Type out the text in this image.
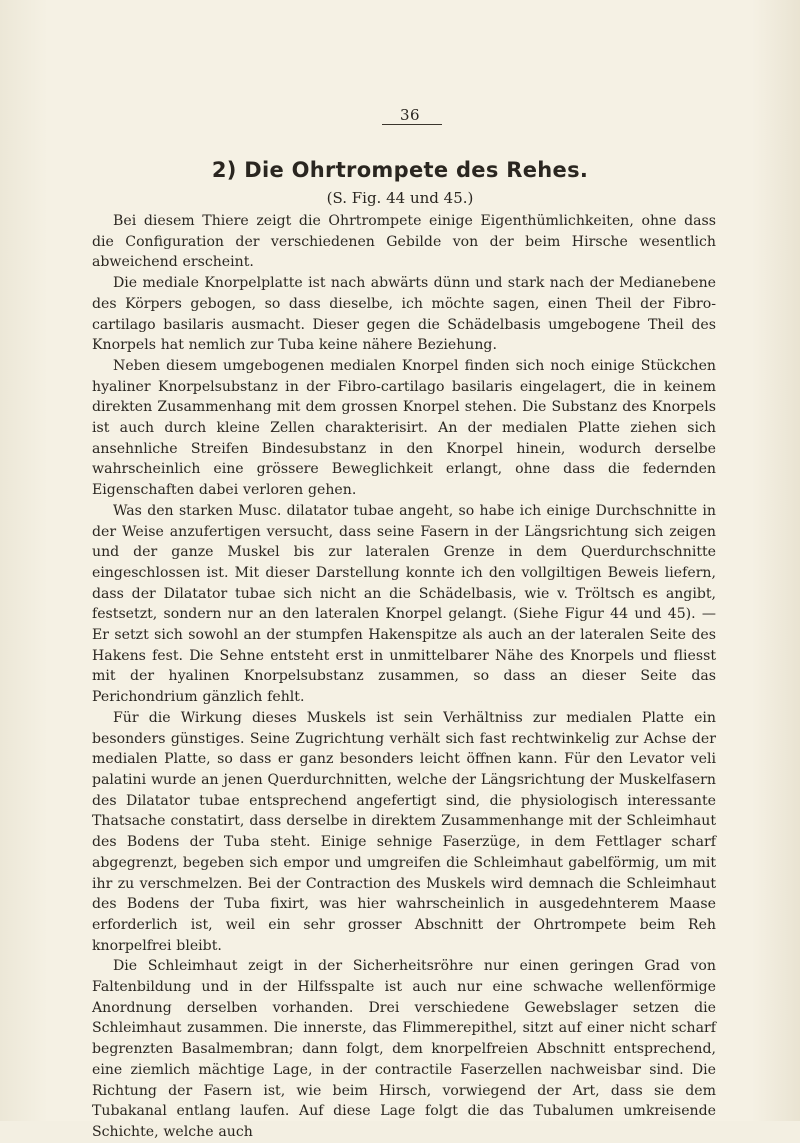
36
2) Die Ohrtrompete des Rehes.
(S. Fig. 44 und 45.)

Bei diesem Thiere zeigt die Ohrtrompete einige Eigenthümlichkeiten, ohne dass die Configuration der verschiedenen Gebilde von der beim Hirsche wesentlich abweichend erscheint.

Die mediale Knorpelplatte ist nach abwärts dünn und stark nach der Medianebene des Körpers gebogen, so dass dieselbe, ich möchte sagen, einen Theil der Fibro-cartilago basilaris ausmacht. Dieser gegen die Schädelbasis umgebogene Theil des Knorpels hat nemlich zur Tuba keine nähere Beziehung.

Neben diesem umgebogenen medialen Knorpel finden sich noch einige Stückchen hyaliner Knorpelsubstanz in der Fibro-cartilago basilaris eingelagert, die in keinem direkten Zusammenhang mit dem grossen Knorpel stehen. Die Substanz des Knorpels ist auch durch kleine Zellen charakterisirt. An der medialen Platte ziehen sich ansehnliche Streifen Bindesubstanz in den Knorpel hinein, wodurch derselbe wahrscheinlich eine grössere Beweglichkeit erlangt, ohne dass die federnden Eigenschaften dabei verloren gehen.

Was den starken Musc. dilatator tubae angeht, so habe ich einige Durchschnitte in der Weise anzufertigen versucht, dass seine Fasern in der Längsrichtung sich zeigen und der ganze Muskel bis zur lateralen Grenze in dem Querdurchschnitte eingeschlossen ist. Mit dieser Darstellung konnte ich den vollgiltigen Beweis liefern, dass der Dilatator tubae sich nicht an die Schädelbasis, wie v. Tröltsch es angibt, festsetzt, sondern nur an den lateralen Knorpel gelangt. (Siehe Figur 44 und 45). — Er setzt sich sowohl an der stumpfen Hakenspitze als auch an der lateralen Seite des Hakens fest. Die Sehne entsteht erst in unmittelbarer Nähe des Knorpels und fliesst mit der hyalinen Knorpelsubstanz zusammen, so dass an dieser Seite das Perichondrium gänzlich fehlt.

Für die Wirkung dieses Muskels ist sein Verhältniss zur medialen Platte ein besonders günstiges. Seine Zugrichtung verhält sich fast rechtwinkelig zur Achse der medialen Platte, so dass er ganz besonders leicht öffnen kann. Für den Levator veli palatini wurde an jenen Querdurchnitten, welche der Längsrichtung der Muskelfasern des Dilatator tubae entsprechend angefertigt sind, die physiologisch interessante Thatsache constatirt, dass derselbe in direktem Zusammenhange mit der Schleimhaut des Bodens der Tuba steht. Einige sehnige Faserzüge, in dem Fettlager scharf abgegrenzt, begeben sich empor und umgreifen die Schleimhaut gabelförmig, um mit ihr zu verschmelzen. Bei der Contraction des Muskels wird demnach die Schleimhaut des Bodens der Tuba fixirt, was hier wahrscheinlich in ausgedehnterem Maase erforderlich ist, weil ein sehr grosser Abschnitt der Ohrtrompete beim Reh knorpelfrei bleibt.

Die Schleimhaut zeigt in der Sicherheitsröhre nur einen geringen Grad von Faltenbildung und in der Hilfsspalte ist auch nur eine schwache wellenförmige Anordnung derselben vorhanden. Drei verschiedene Gewebslager setzen die Schleimhaut zusammen. Die innerste, das Flimmerepithel, sitzt auf einer nicht scharf begrenzten Basalmembran; dann folgt, dem knorpelfreien Abschnitt entsprechend, eine ziemlich mächtige Lage, in der contractile Faserzellen nachweisbar sind. Die Richtung der Fasern ist, wie beim Hirsch, vorwiegend der Art, dass sie dem Tubakanal entlang laufen. Auf diese Lage folgt die das Tubalumen umkreisende Schichte, welche auch
